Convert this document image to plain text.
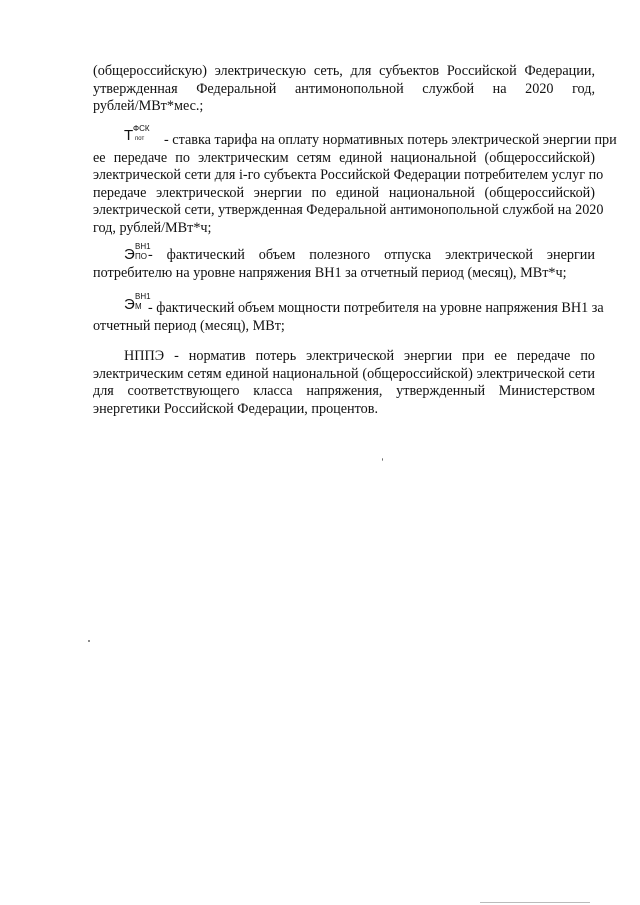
(общероссийскую) электрическую сеть, для субъектов Российской Федерации,
утвержденная Федеральной антимонопольной службой на 2020 год,
рублей/МВт*мес.;
T ФСК
пот	- ставка тарифа на оплату нормативных потерь электрической энергии при
ее передаче по электрическим сетям единой национальной (общероссийской)
электрической сети для i-го субъекта Российской Федерации потребителем услуг по
передаче электрической энергии по единой национальной (общероссийской)
электрической сети, утвержденная Федеральной антимонопольной службой на 2020
год, рублей/МВт*ч;
Э ВН1
ПО - фактический объем полезного отпуска электрической энергии
потребителю на уровне напряжения ВН1 за отчетный период (месяц), МВт*ч;
Э ВН1
М - фактический объем мощности потребителя на уровне напряжения ВН1 за
отчетный период (месяц), МВт;
НППЭ - норматив потерь электрической энергии при ее передаче по
электрическим сетям единой национальной (общероссийской) электрической сети
для соответствующего класса напряжения, утвержденный Министерством
энергетики Российской Федерации, процентов.
